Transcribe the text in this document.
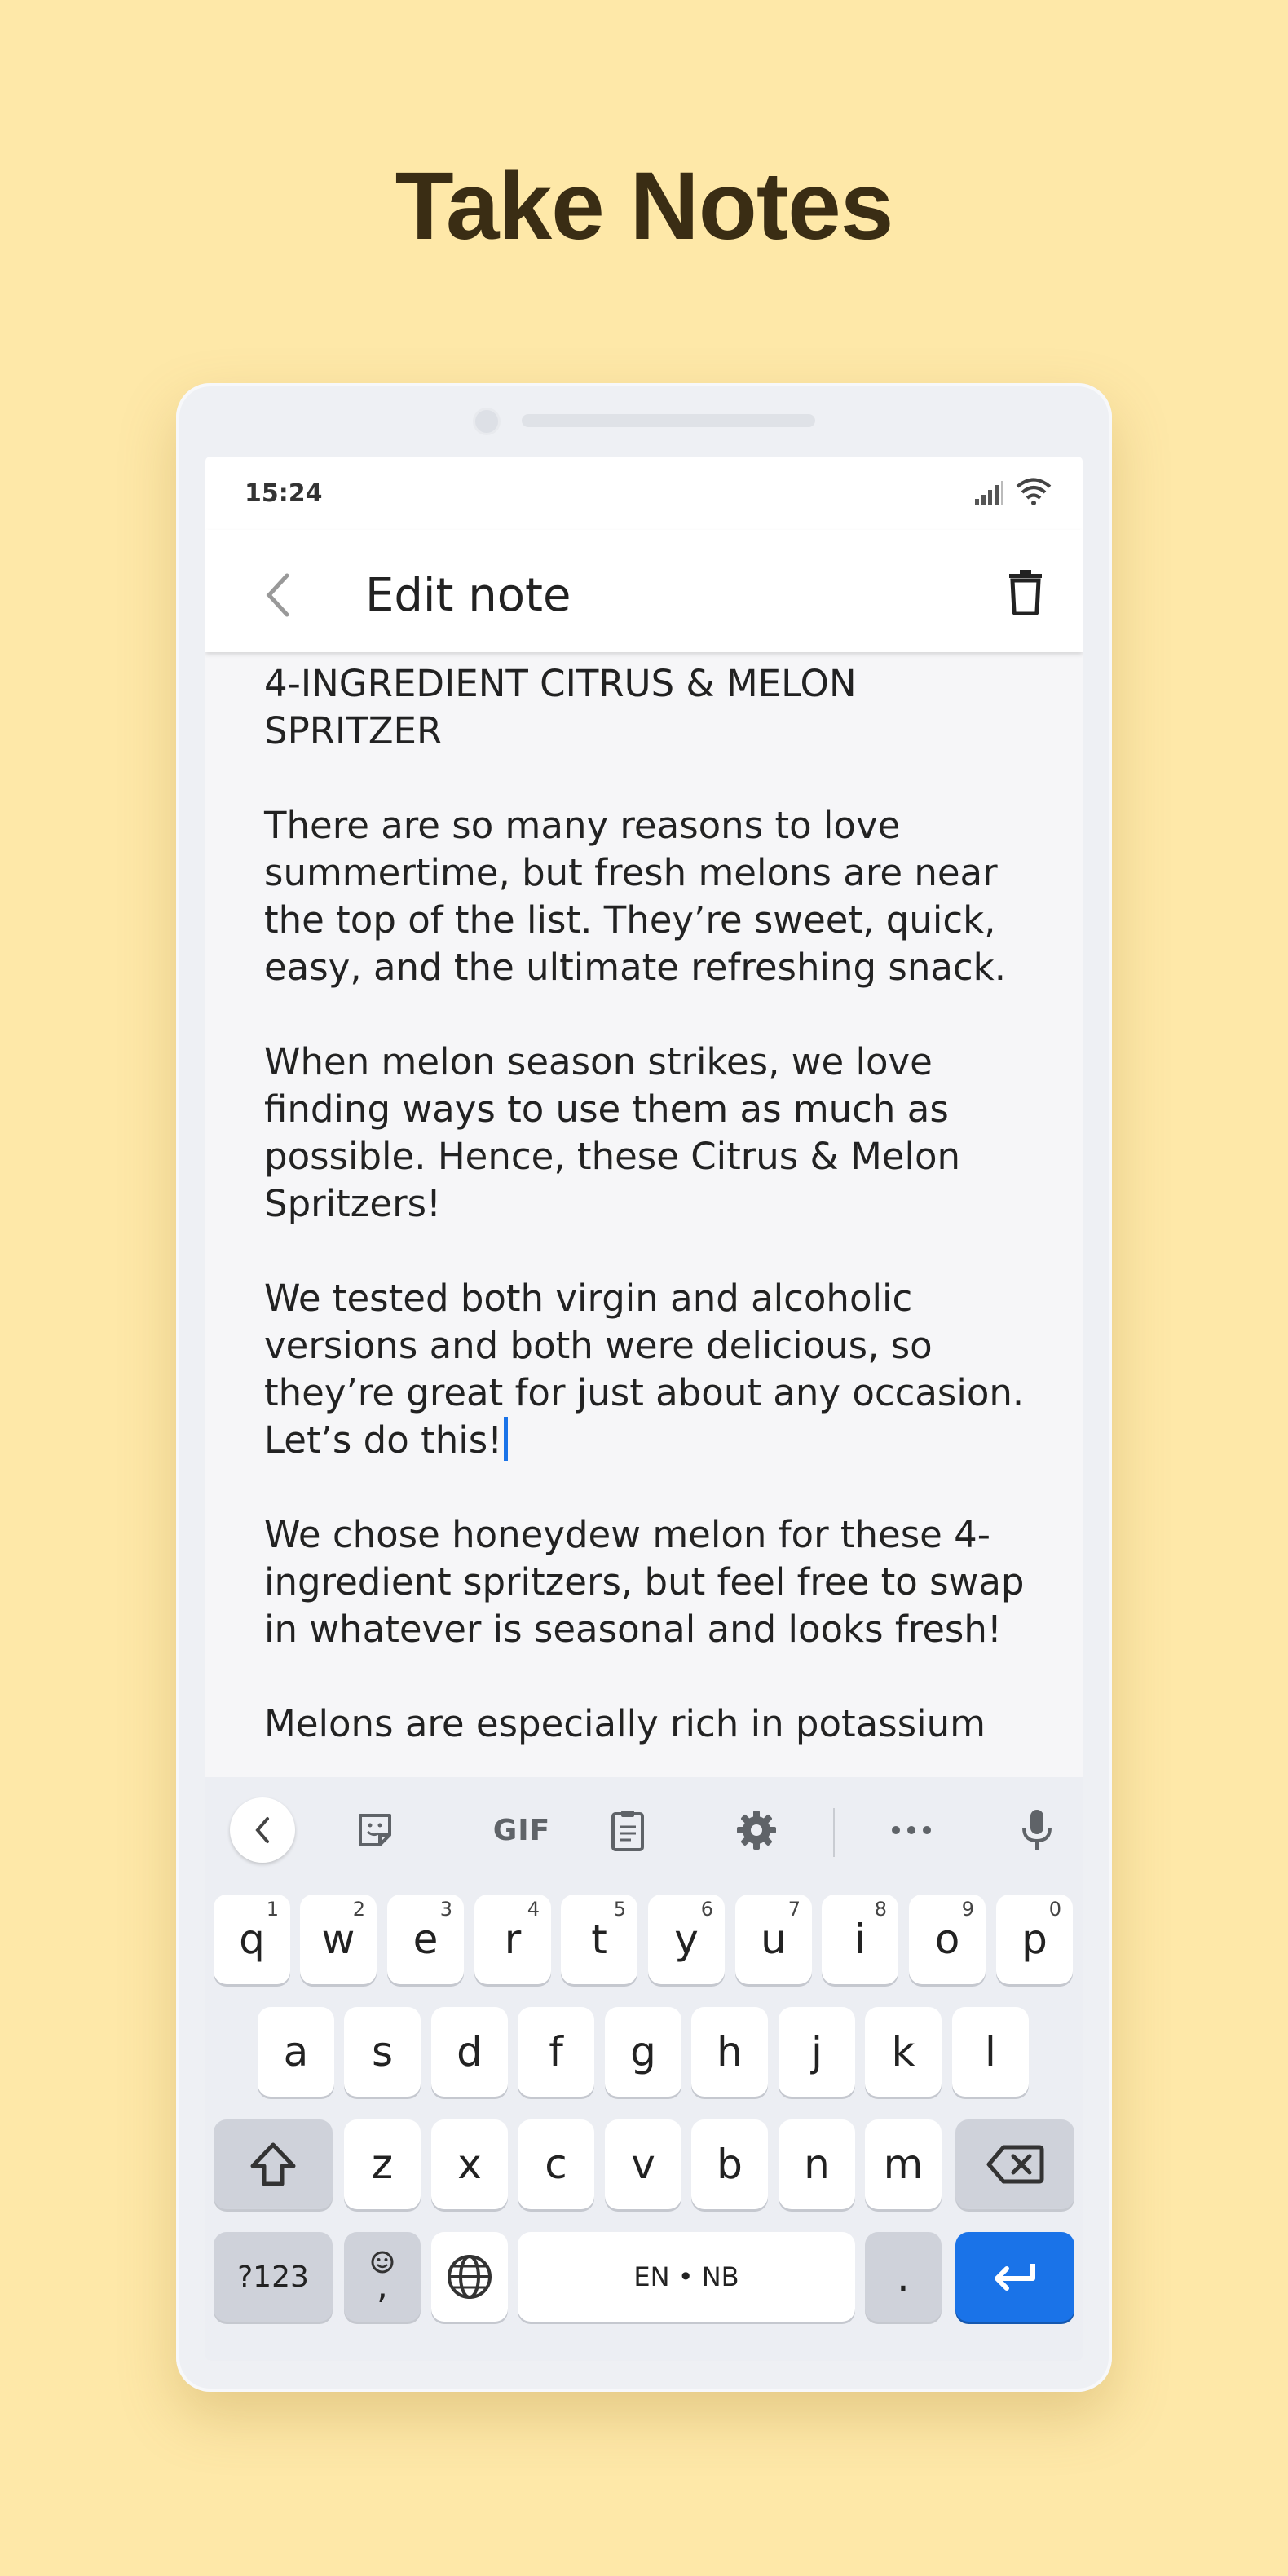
Take Notes
15:24
Edit note

4-INGREDIENT CITRUS & MELON SPRITZER

There are so many reasons to love summertime, but fresh melons are near the top of the list. They’re sweet, quick, easy, and the ultimate refreshing snack.

When melon season strikes, we love finding ways to use them as much as possible. Hence, these Citrus & Melon Spritzers!

We tested both virgin and alcoholic versions and both were delicious, so they’re great for just about any occasion. Let’s do this!

We chose honeydew melon for these 4-ingredient spritzers, but feel free to swap in whatever is seasonal and looks fresh!

Melons are especially rich in potassium

GIF
q
1
w
2
e
3
r
4
t
5
y
6
u
7
i
8
o
9
p
0
a	s	d	f	g	h	j	k	l
z	x	c	v	b	n	m
?123	,	EN • NB	.
